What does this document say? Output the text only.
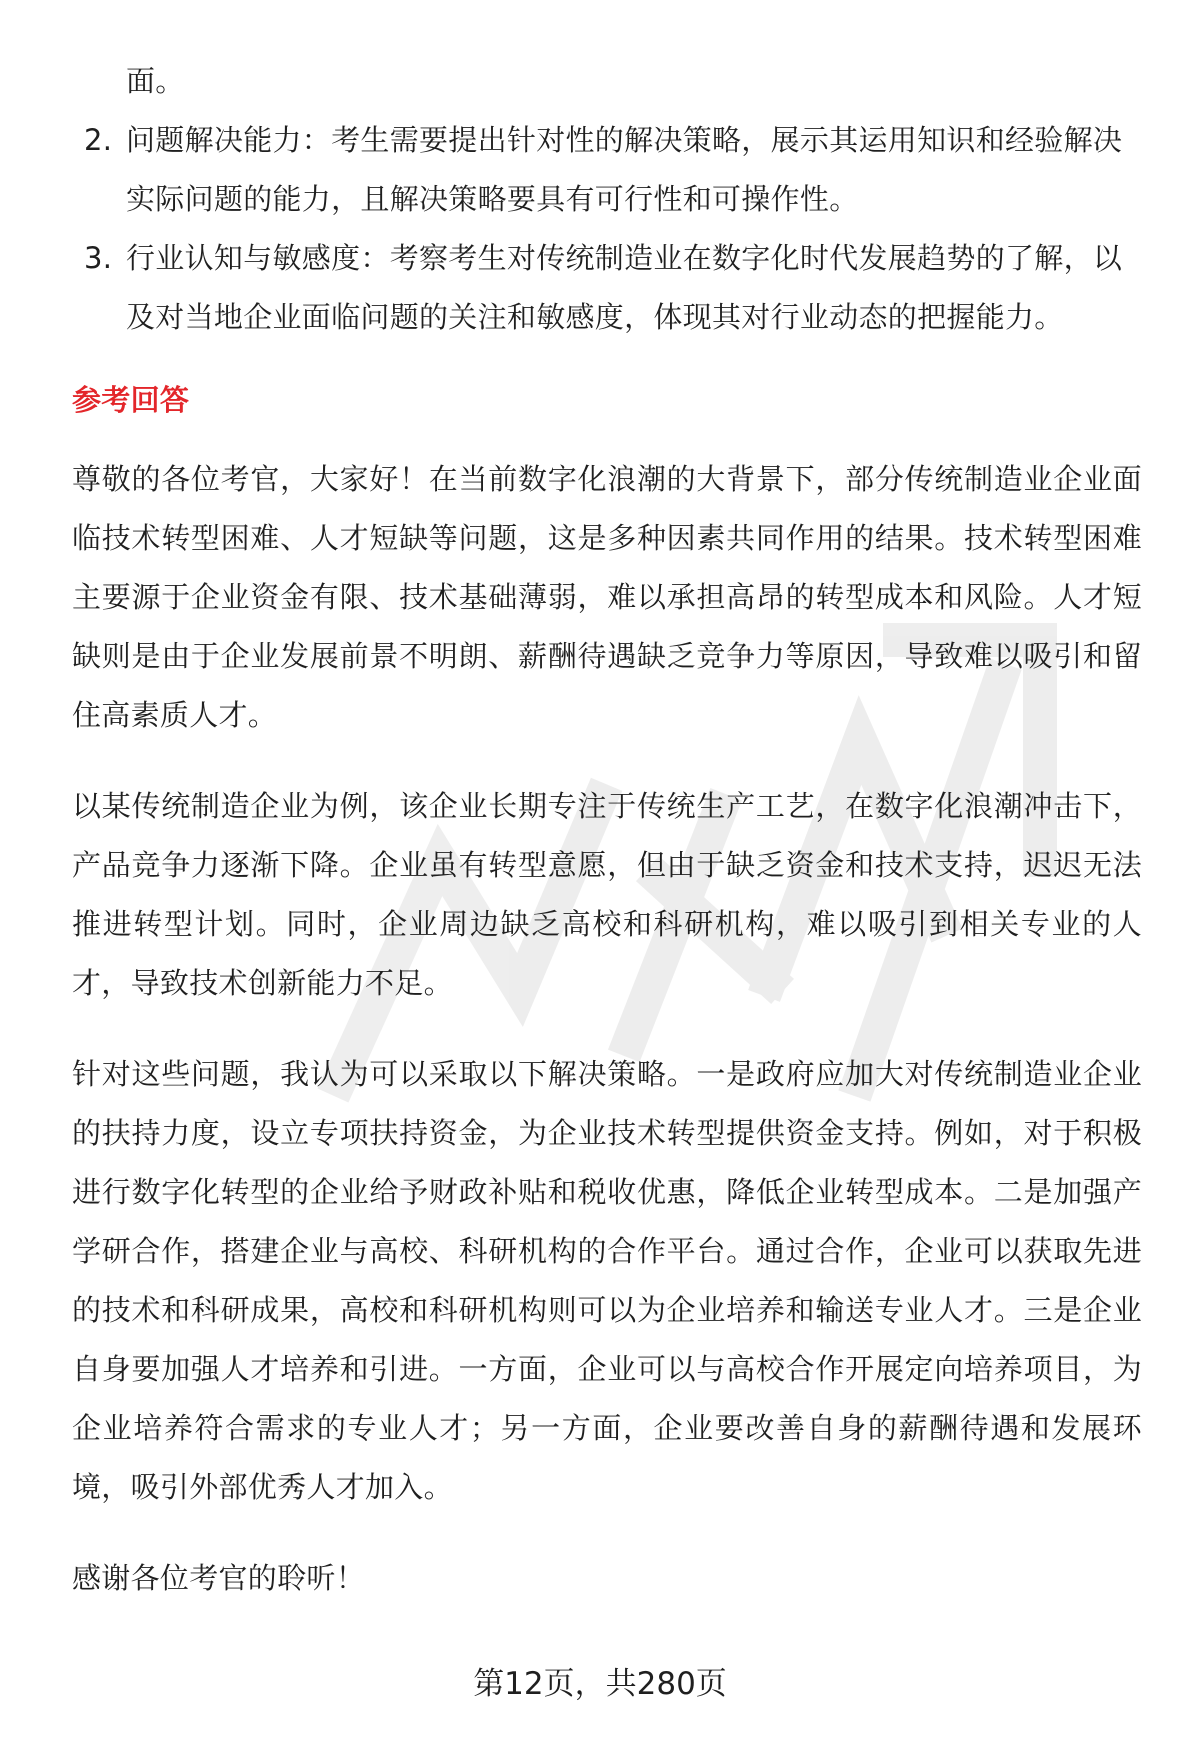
面。

2. 问题解决能力：考生需要提出针对性的解决策略，展示其运用知识和经验解决实际问题的能力，且解决策略要具有可行性和可操作性。
3. 行业认知与敏感度：考察考生对传统制造业在数字化时代发展趋势的了解，以及对当地企业面临问题的关注和敏感度，体现其对行业动态的把握能力。
参考回答

尊敬的各位考官，大家好！在当前数字化浪潮的大背景下，部分传统制造业企业面临技术转型困难、人才短缺等问题，这是多种因素共同作用的结果。技术转型困难主要源于企业资金有限、技术基础薄弱，难以承担高昂的转型成本和风险。人才短缺则是由于企业发展前景不明朗、薪酬待遇缺乏竞争力等原因，导致难以吸引和留住高素质人才。

以某传统制造企业为例，该企业长期专注于传统生产工艺，在数字化浪潮冲击下，产品竞争力逐渐下降。企业虽有转型意愿，但由于缺乏资金和技术支持，迟迟无法推进转型计划。同时，企业周边缺乏高校和科研机构，难以吸引到相关专业的人才，导致技术创新能力不足。

针对这些问题，我认为可以采取以下解决策略。一是政府应加大对传统制造业企业的扶持力度，设立专项扶持资金，为企业技术转型提供资金支持。例如，对于积极进行数字化转型的企业给予财政补贴和税收优惠，降低企业转型成本。二是加强产学研合作，搭建企业与高校、科研机构的合作平台。通过合作，企业可以获取先进的技术和科研成果，高校和科研机构则可以为企业培养和输送专业人才。三是企业自身要加强人才培养和引进。一方面，企业可以与高校合作开展定向培养项目，为企业培养符合需求的专业人才；另一方面，企业要改善自身的薪酬待遇和发展环境，吸引外部优秀人才加入。

感谢各位考官的聆听！

第12页，共280页
